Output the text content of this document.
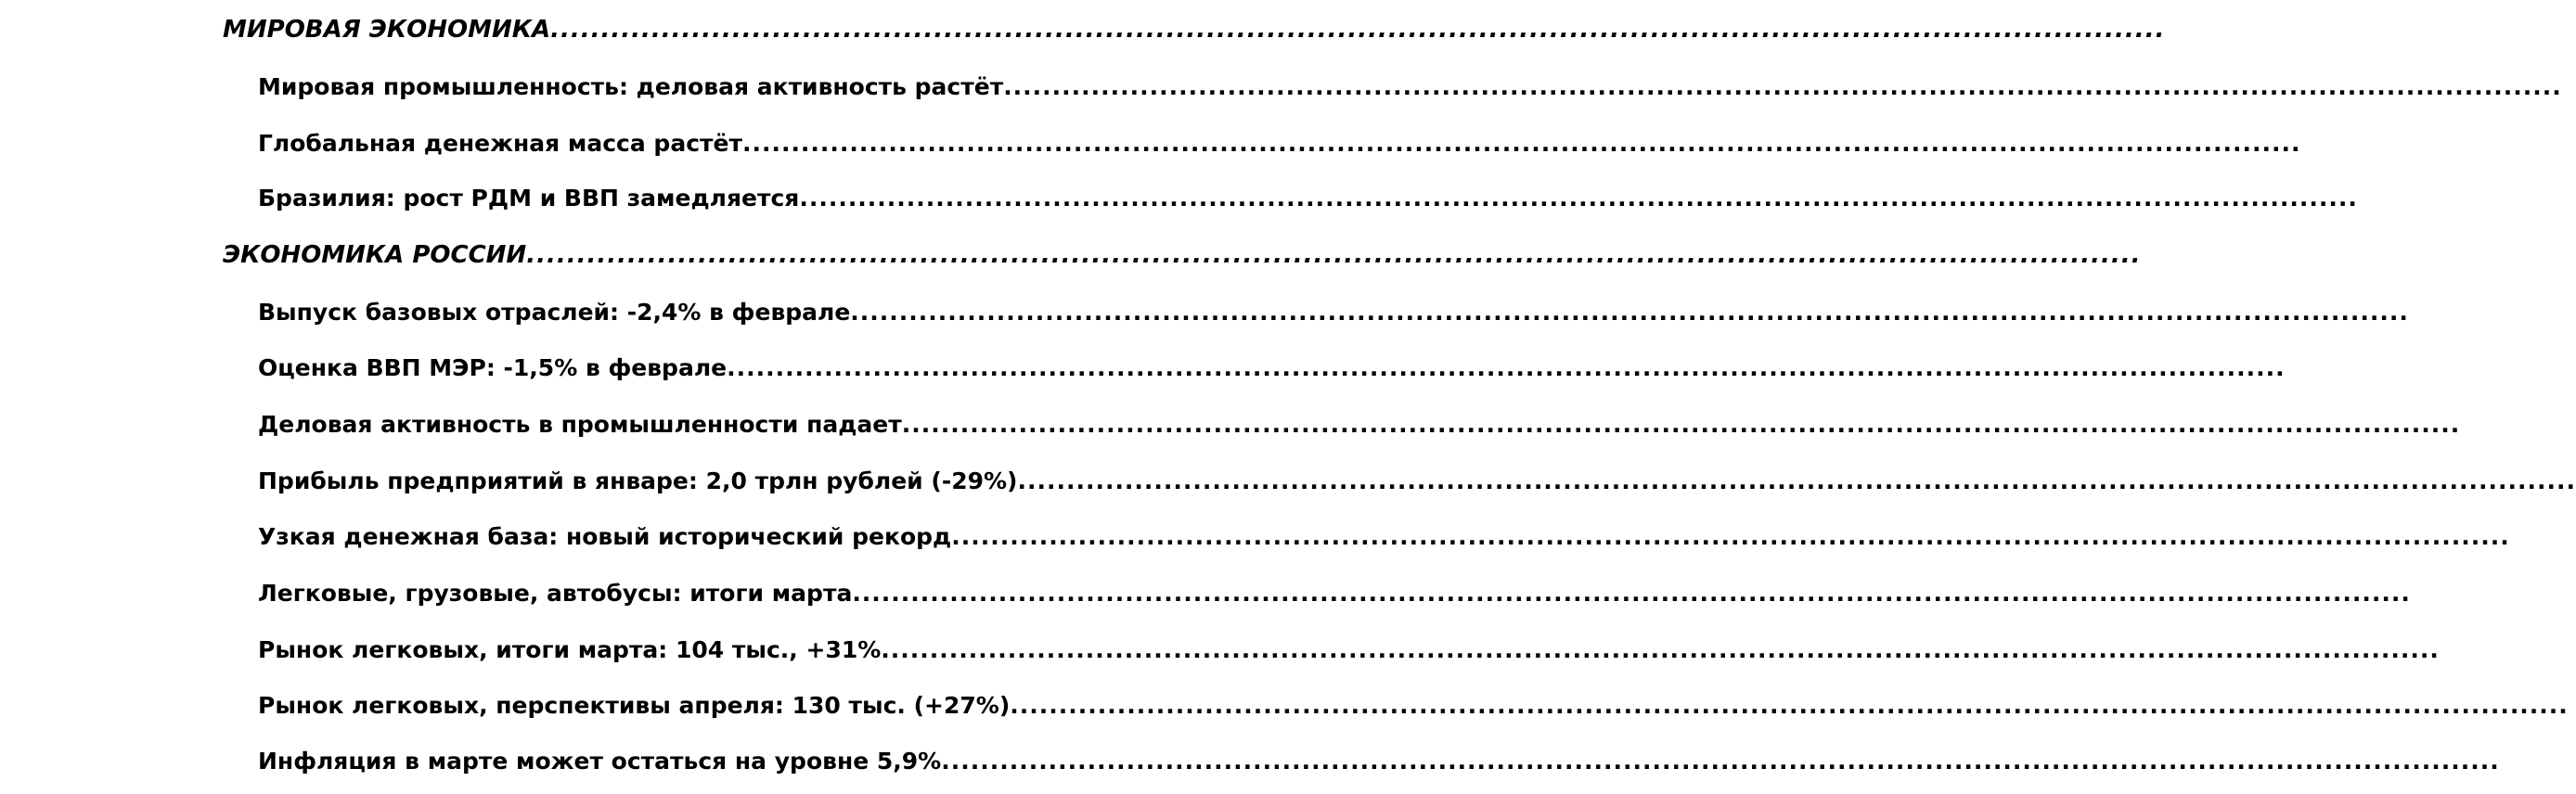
МИРОВАЯ ЭКОНОМИКА ................................................................................................................................................................
Мировая промышленность: деловая активность растёт ................................................................................................................................................................
Глобальная денежная масса растёт ................................................................................................................................................................
Бразилия: рост РДМ и ВВП замедляется ................................................................................................................................................................
ЭКОНОМИКА РОССИИ ................................................................................................................................................................
Выпуск базовых отраслей: -2,4% в феврале ................................................................................................................................................................
Оценка ВВП МЭР: -1,5% в феврале ................................................................................................................................................................
Деловая активность в промышленности падает ................................................................................................................................................................
Прибыль предприятий в январе: 2,0 трлн рублей (-29%) ................................................................................................................................................................
Узкая денежная база: новый исторический рекорд ................................................................................................................................................................
Легковые, грузовые, автобусы: итоги марта ................................................................................................................................................................
Рынок легковых, итоги марта: 104 тыс., +31% ................................................................................................................................................................
Рынок легковых, перспективы апреля: 130 тыс. (+27%) ................................................................................................................................................................
Инфляция в марте может остаться на уровне 5,9% ................................................................................................................................................................
